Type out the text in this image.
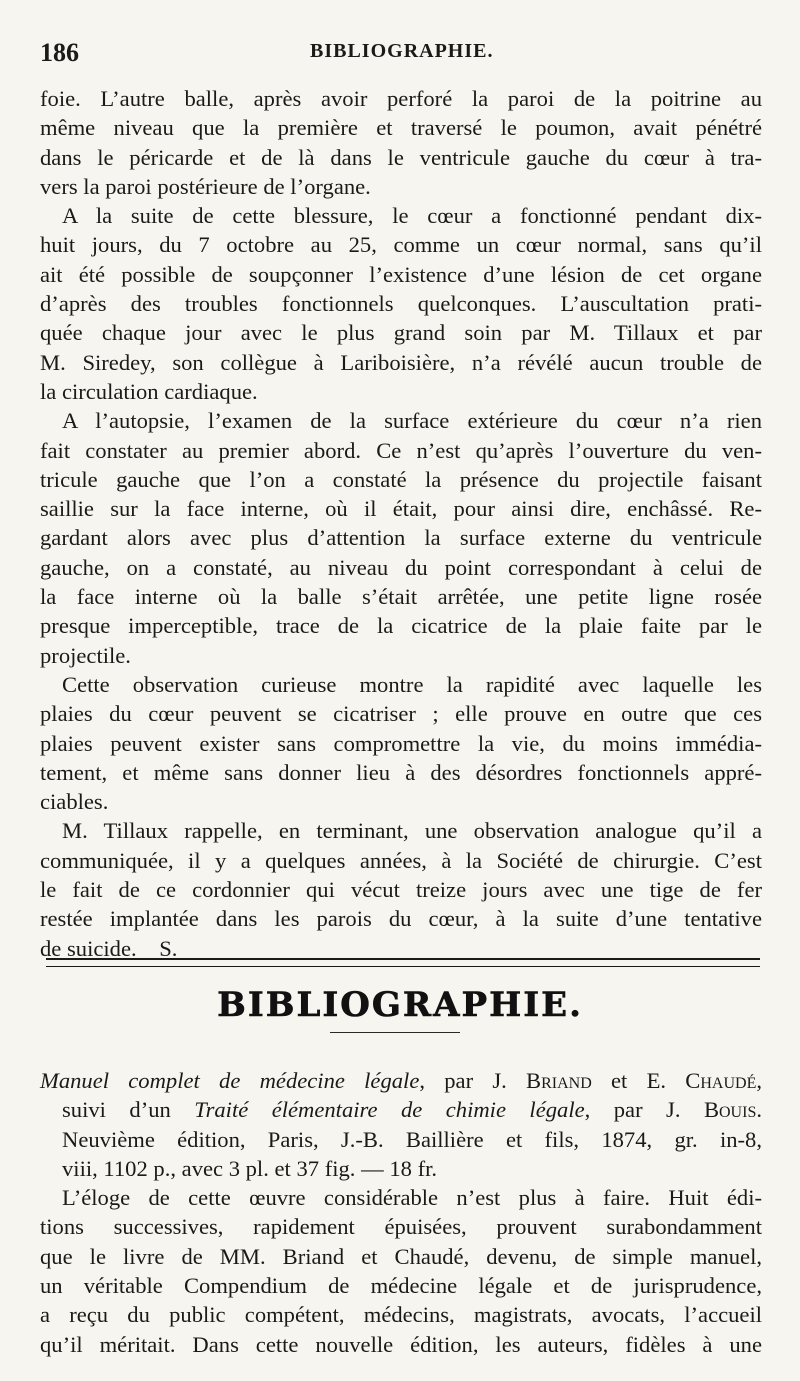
186	BIBLIOGRAPHIE.
foie. L’autre balle, après avoir perforé la paroi de la poitrine au
même niveau que la première et traversé le poumon, avait pénétré
dans le péricarde et de là dans le ventricule gauche du cœur à tra-
vers la paroi postérieure de l’organe.
A la suite de cette blessure, le cœur a fonctionné pendant dix-
huit jours, du 7 octobre au 25, comme un cœur normal, sans qu’il
ait été possible de soupçonner l’existence d’une lésion de cet organe
d’après des troubles fonctionnels quelconques. L’auscultation prati-
quée chaque jour avec le plus grand soin par M. Tillaux et par
M. Siredey, son collègue à Lariboisière, n’a révélé aucun trouble de
la circulation cardiaque.
A l’autopsie, l’examen de la surface extérieure du cœur n’a rien
fait constater au premier abord. Ce n’est qu’après l’ouverture du ven-
tricule gauche que l’on a constaté la présence du projectile faisant
saillie sur la face interne, où il était, pour ainsi dire, enchâssé. Re-
gardant alors avec plus d’attention la surface externe du ventricule
gauche, on a constaté, au niveau du point correspondant à celui de
la face interne où la balle s’était arrêtée, une petite ligne rosée
presque imperceptible, trace de la cicatrice de la plaie faite par le
projectile.
Cette observation curieuse montre la rapidité avec laquelle les
plaies du cœur peuvent se cicatriser ; elle prouve en outre que ces
plaies peuvent exister sans compromettre la vie, du moins immédia-
tement, et même sans donner lieu à des désordres fonctionnels appré-
ciables.
M. Tillaux rappelle, en terminant, une observation analogue qu’il a
communiquée, il y a quelques années, à la Société de chirurgie. C’est
le fait de ce cordonnier qui vécut treize jours avec une tige de fer
restée implantée dans les parois du cœur, à la suite d’une tentative
de suicide.    S.
BIBLIOGRAPHIE.
Manuel complet de médecine légale, par J. Briand et E. Chaudé,
suivi d’un Traité élémentaire de chimie légale, par J. Bouis.
Neuvième édition, Paris, J.-B. Baillière et fils, 1874, gr. in-8,
viii, 1102 p., avec 3 pl. et 37 fig. — 18 fr.
L’éloge de cette œuvre considérable n’est plus à faire. Huit édi-
tions successives, rapidement épuisées, prouvent surabondamment
que le livre de MM. Briand et Chaudé, devenu, de simple manuel,
un véritable Compendium de médecine légale et de jurisprudence,
a reçu du public compétent, médecins, magistrats, avocats, l’accueil
qu’il méritait. Dans cette nouvelle édition, les auteurs, fidèles à une
